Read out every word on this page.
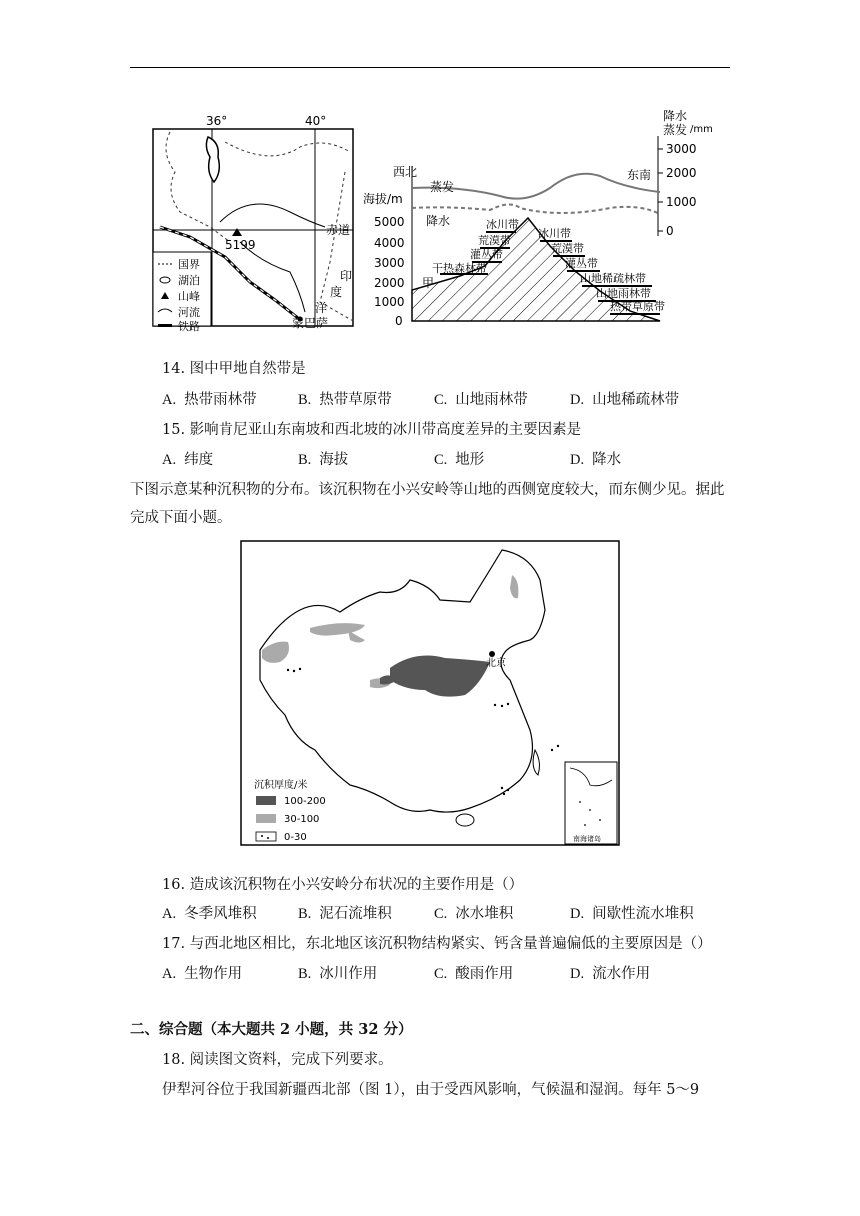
36°	40°
赤道
5199
印
度
洋
蒙巴萨
国界
湖泊
山峰
河流
铁路
降水
蒸发 /mm
3000
2000
1000
0
西北	东南
海拔/m
5000
4000
3000
2000
1000
0
蒸发
降水
甲
冰川带
荒漠带
灌丛带
干热森林带
冰川带
荒漠带
灌丛带
山地稀疏林带
山地雨林带
热带草原带
14. 图中甲地自然带是
A. 热带雨林带	B. 热带草原带	C. 山地雨林带	D. 山地稀疏林带
15. 影响肯尼亚山东南坡和西北坡的冰川带高度差异的主要因素是
A. 纬度	B. 海拔	C. 地形	D. 降水
下图示意某种沉积物的分布。该沉积物在小兴安岭等山地的西侧宽度较大，而东侧少见。据此完成下面小题。
北京
沉积厚度/米
100-200
30-100
0-30	南海诸岛
16. 造成该沉积物在小兴安岭分布状况的主要作用是（）
A. 冬季风堆积	B. 泥石流堆积	C. 冰水堆积	D. 间歇性流水堆积
17. 与西北地区相比，东北地区该沉积物结构紧实、钙含量普遍偏低的主要原因是（）
A. 生物作用	B. 冰川作用	C. 酸雨作用	D. 流水作用
二、综合题（本大题共 2 小题，共 32 分）
18. 阅读图文资料，完成下列要求。
伊犁河谷位于我国新疆西北部（图 1），由于受西风影响，气候温和湿润。每年 5～9
